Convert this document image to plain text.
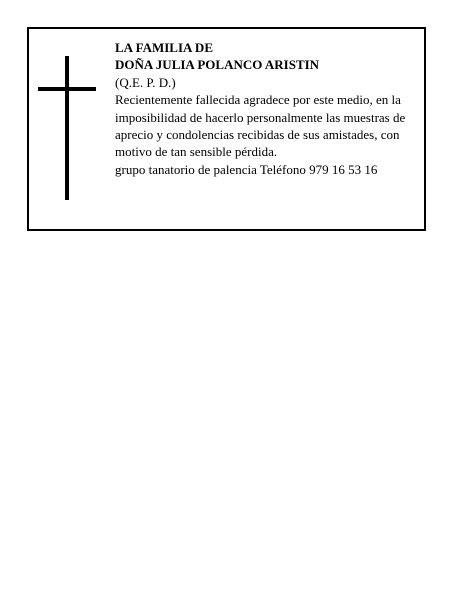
LA FAMILIA DE
DOÑA JULIA POLANCO ARISTIN
(Q.E. P. D.)
Recientemente fallecida agradece por este medio, en la imposibilidad de hacerlo personalmente las muestras de aprecio y condolencias recibidas de sus amistades, con motivo de tan sensible pérdida.
grupo tanatorio de palencia Teléfono 979 16 53 16
